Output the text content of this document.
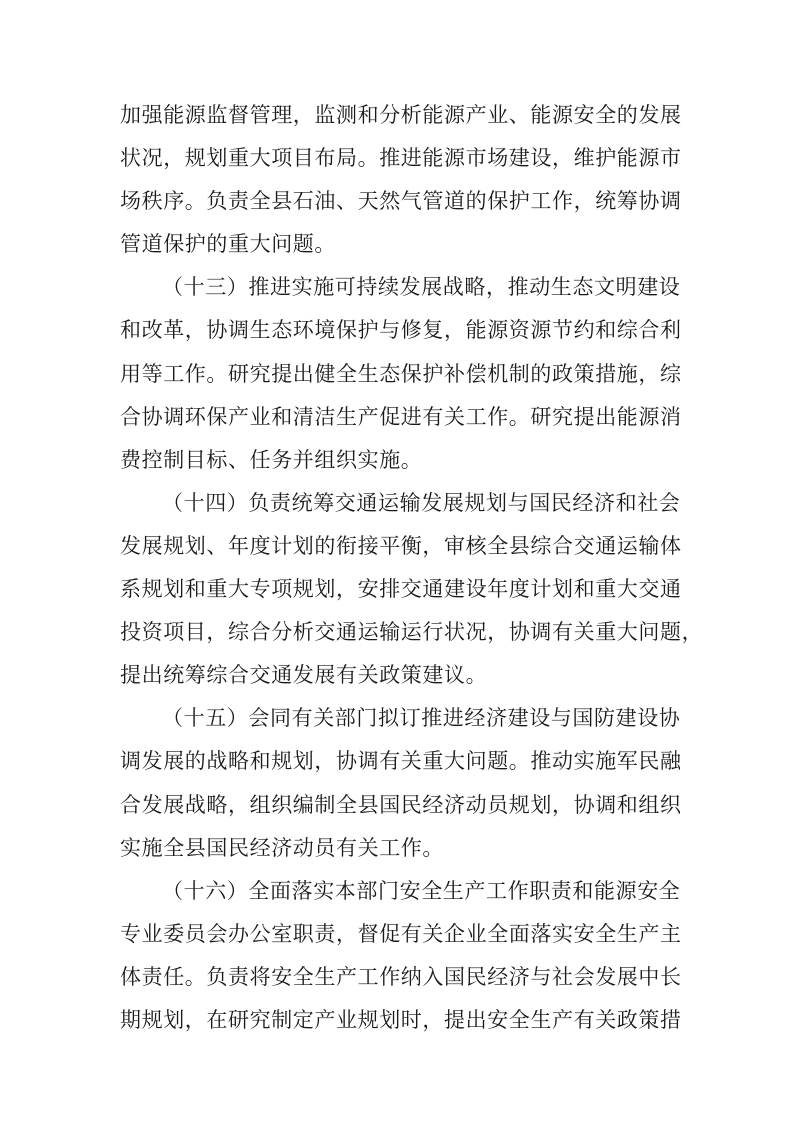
加强能源监督管理，监测和分析能源产业、能源安全的发展
状况，规划重大项目布局。推进能源市场建设，维护能源市
场秩序。负责全县石油、天然气管道的保护工作，统筹协调
管道保护的重大问题。
（十三）推进实施可持续发展战略，推动生态文明建设
和改革，协调生态环境保护与修复，能源资源节约和综合利
用等工作。研究提出健全生态保护补偿机制的政策措施，综
合协调环保产业和清洁生产促进有关工作。研究提出能源消
费控制目标、任务并组织实施。
（十四）负责统筹交通运输发展规划与国民经济和社会
发展规划、年度计划的衔接平衡，审核全县综合交通运输体
系规划和重大专项规划，安排交通建设年度计划和重大交通
投资项目，综合分析交通运输运行状况，协调有关重大问题，
提出统筹综合交通发展有关政策建议。
（十五）会同有关部门拟订推进经济建设与国防建设协
调发展的战略和规划，协调有关重大问题。推动实施军民融
合发展战略，组织编制全县国民经济动员规划，协调和组织
实施全县国民经济动员有关工作。
（十六）全面落实本部门安全生产工作职责和能源安全
专业委员会办公室职责，督促有关企业全面落实安全生产主
体责任。负责将安全生产工作纳入国民经济与社会发展中长
期规划，在研究制定产业规划时，提出安全生产有关政策措
